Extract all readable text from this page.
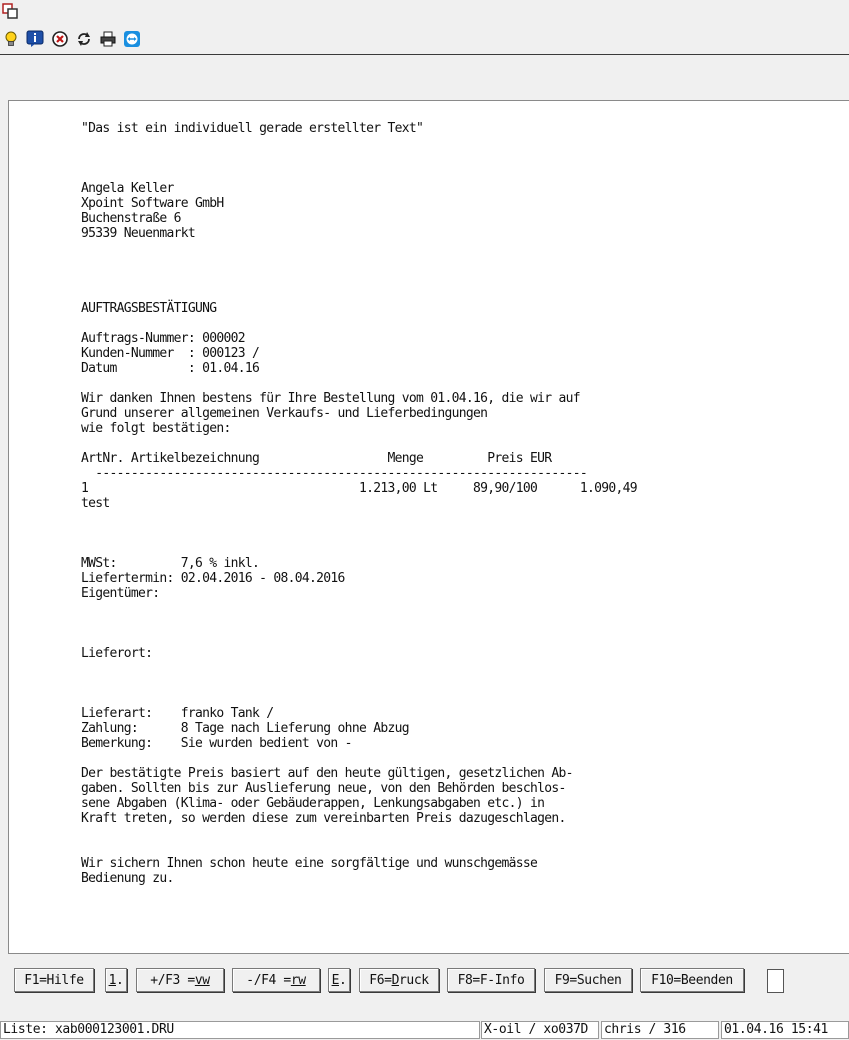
"Das ist ein individuell gerade erstellter Text"

Angela Keller
Xpoint Software GmbH
Buchenstraße 6
95339 Neuenmarkt

AUFTRAGSBESTÄTIGUNG

Auftrags-Nummer: 000002
Kunden-Nummer  : 000123 /
Datum          : 01.04.16

Wir danken Ihnen bestens für Ihre Bestellung vom 01.04.16, die wir auf
Grund unserer allgemeinen Verkaufs- und Lieferbedingungen
wie folgt bestätigen:

ArtNr. Artikelbezeichnung                  Menge         Preis EUR
---------------------------------------------------------------------
1                                      1.213,00 Lt     89,90/100      1.090,49
test

MWSt:         7,6 % inkl.
Liefertermin: 02.04.2016 - 08.04.2016
Eigentümer:

Lieferort:

Lieferart:    franko Tank /
Zahlung:      8 Tage nach Lieferung ohne Abzug
Bemerkung:    Sie wurden bedient von -

Der bestätigte Preis basiert auf den heute gültigen, gesetzlichen Ab-
gaben. Sollten bis zur Auslieferung neue, von den Behörden beschlos-
sene Abgaben (Klima- oder Gebäuderappen, Lenkungsabgaben etc.) in
Kraft treten, so werden diese zum vereinbarten Preis dazugeschlagen.

Wir sichern Ihnen schon heute eine sorgfältige und wunschgemässe
Bedienung zu.
F1=Hilfe 1 . +/F3 = vw	-/F4 = rw E . F6= D ruck F8=F-Info F9=Suchen F10=Beenden
Liste: xab000123001.DRU	X-oil / xo037D	chris / 316	01.04.16 15:41
